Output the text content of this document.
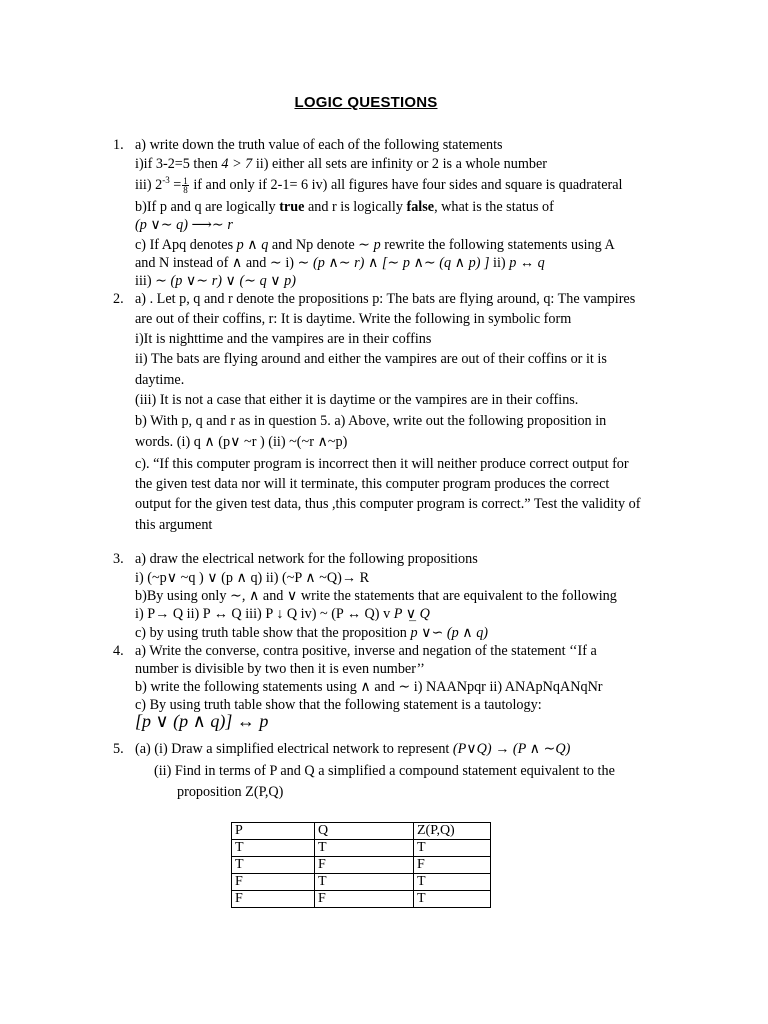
LOGIC QUESTIONS
1. a) write down the truth value of each of the following statements
i)if 3-2=5 then 4 > 7 ii) either all sets are infinity or 2 is a whole number
iii) $2^{-3} = \frac{1}{8}$ if and only if 2-1= 6 iv) all figures have four sides and square is quadrateral
b)If p and q are logically true and r is logically false, what is the status of
(p ∨∼ q) ⟶∼ r
c) If Apq denotes p ∧ q and Np denote ∼ p rewrite the following statements using A
and N instead of ∧ and ∼ i) ∼ (p ∧∼ r) ∧ [∼ p ∧∼ (q ∧ p) ] ii) p ↔ q
iii) ∼ (p ∨∼ r) ∨ (∼ q ∨ p)
2. a) . Let p, q and r denote the propositions p: The bats are flying around, q: The vampires
are out of their coffins, r: It is daytime. Write the following in symbolic form
i)It is nighttime and the vampires are in their coffins
ii) The bats are flying around and either the vampires are out of their coffins or it is
daytime.
(iii) It is not a case that either it is daytime or the vampires are in their coffins.
b) With p, q and r as in question 5. a) Above, write out the following proposition in
words. (i) q ∧ (p∨ ~r ) (ii) ~(~r ∧~p)
c). “If this computer program is incorrect then it will neither produce correct output for
the given test data nor will it terminate, this computer program produces the correct
output for the given test data, thus ,this computer program is correct.” Test the validity of
this argument
3. a) draw the electrical network for the following propositions
i) (~p∨ ~q ) ∨ (p ∧ q) ii) (~P ∧ ~Q)→ R
b)By using only ∼, ∧ and ∨ write the statements that are equivalent to the following
i) P→ Q ii) P ↔ Q iii) P ↓ Q iv) ~ (P ↔ Q) v P ∨̲ Q
c) by using truth table show that the proposition p ∨∽ (p ∧ q)
4. a) Write the converse, contra positive, inverse and negation of the statement ‘‘If a
number is divisible by two then it is even number’’
b) write the following statements using ∧ and ∼ i) NAANpqr ii) ANApNqANqNr
c) By using truth table show that the following statement is a tautology:
[p ∨ (p ∧ q)] ↔ p
5. (a) (i) Draw a simplified electrical network to represent (P∨Q) → (P ∧ ∼Q)
(ii) Find in terms of P and Q a simplified a compound statement equivalent to the
proposition Z(P,Q)
P	Q	Z(P,Q)
T	T	T
T	F	F
F	T	T
F	F	T
